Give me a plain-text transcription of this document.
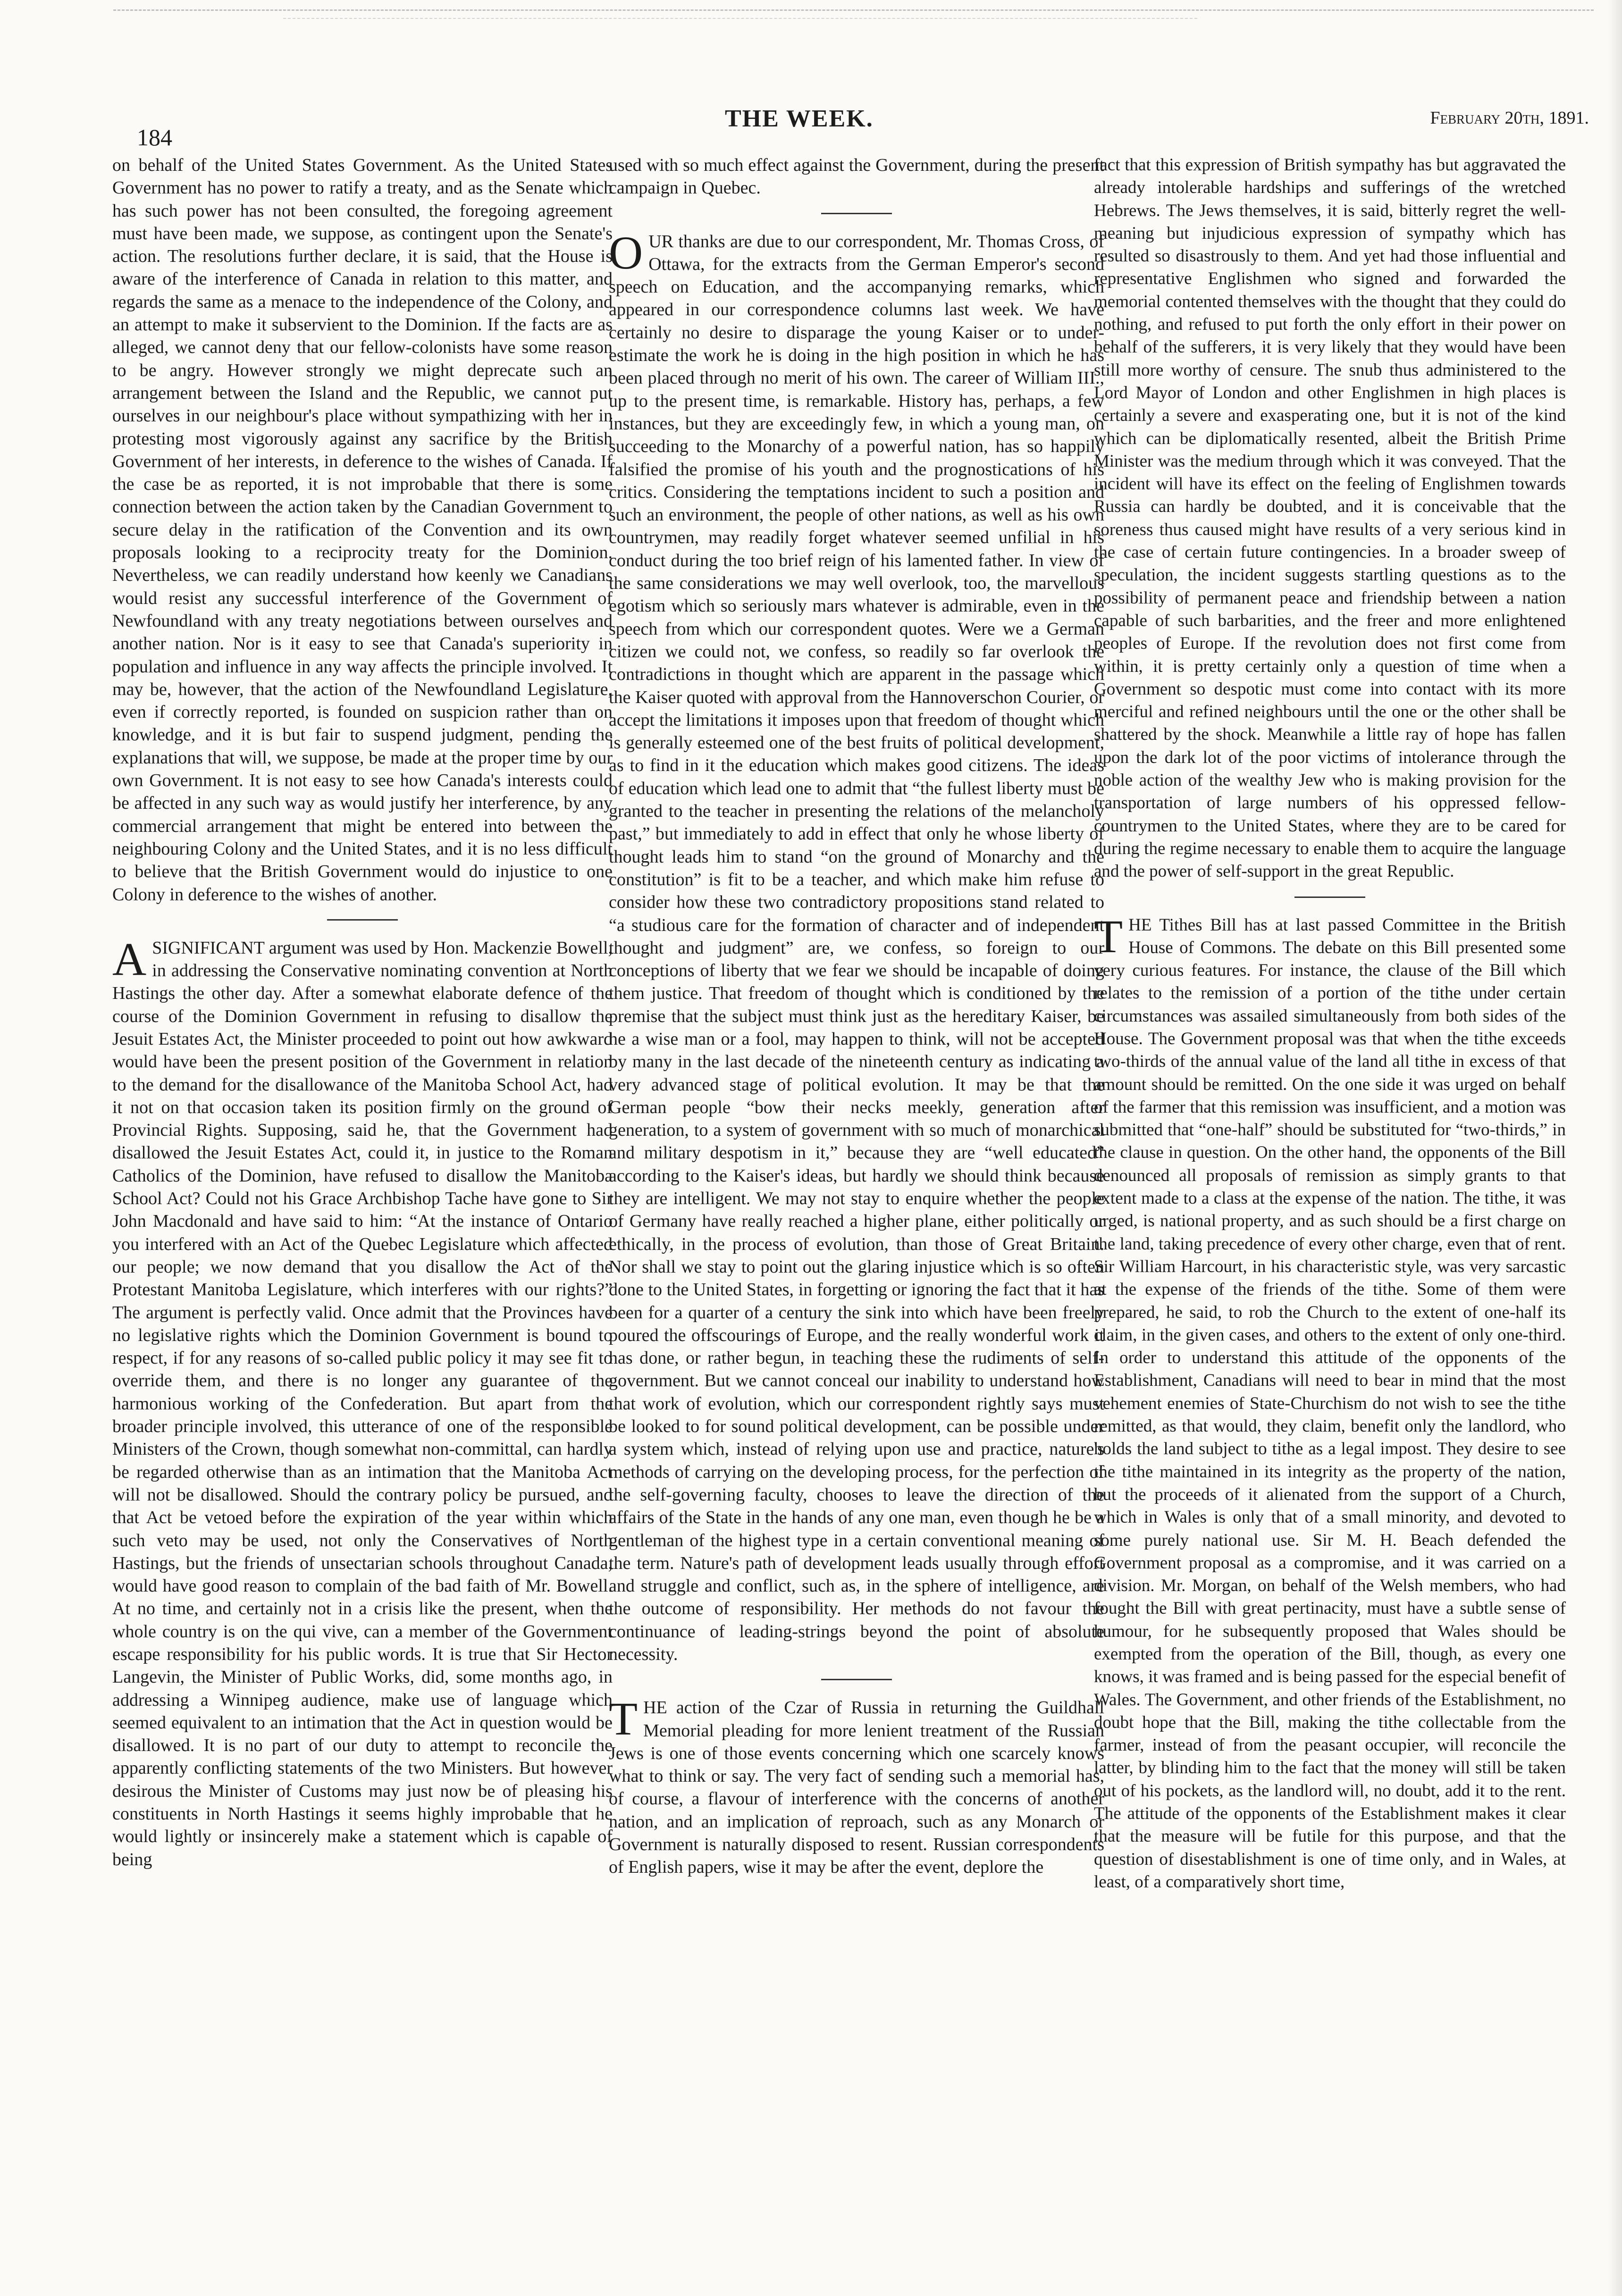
184
THE WEEK.	February 20th, 1891.

on behalf of the United States Government. As the United States Government has no power to ratify a treaty, and as the Senate which has such power has not been consulted, the foregoing agreement must have been made, we suppose, as contingent upon the Senate's action. The resolutions further declare, it is said, that the House is aware of the interference of Canada in relation to this matter, and regards the same as a menace to the independence of the Colony, and an attempt to make it subservient to the Dominion. If the facts are as alleged, we cannot deny that our fellow-colonists have some reason to be angry. However strongly we might deprecate such an arrangement between the Island and the Republic, we cannot put ourselves in our neighbour's place without sympathizing with her in protesting most vigorously against any sacrifice by the British Government of her interests, in deference to the wishes of Canada. If the case be as reported, it is not improbable that there is some connection between the action taken by the Canadian Government to secure delay in the ratification of the Convention and its own proposals looking to a reciprocity treaty for the Dominion. Nevertheless, we can readily understand how keenly we Canadians would resist any successful interference of the Government of Newfoundland with any treaty negotiations between ourselves and another nation. Nor is it easy to see that Canada's superiority in population and influence in any way affects the principle involved. It may be, however, that the action of the Newfoundland Legislature, even if correctly reported, is founded on suspicion rather than on knowledge, and it is but fair to suspend judgment, pending the explanations that will, we suppose, be made at the proper time by our own Government. It is not easy to see how Canada's interests could be affected in any such way as would justify her interference, by any commercial arrangement that might be entered into between the neighbouring Colony and the United States, and it is no less difficult to believe that the British Government would do injustice to one Colony in deference to the wishes of another.

A SIGNIFICANT argument was used by Hon. Mackenzie Bowell, in addressing the Conservative nominating convention at North Hastings the other day. After a somewhat elaborate defence of the course of the Dominion Government in refusing to disallow the Jesuit Estates Act, the Minister proceeded to point out how awkward would have been the present position of the Government in relation to the demand for the disallowance of the Manitoba School Act, had it not on that occasion taken its position firmly on the ground of Provincial Rights. Supposing, said he, that the Government had disallowed the Jesuit Estates Act, could it, in justice to the Roman Catholics of the Dominion, have refused to disallow the Manitoba School Act? Could not his Grace Archbishop Tache have gone to Sir John Macdonald and have said to him: “At the instance of Ontario you interfered with an Act of the Quebec Legislature which affected our people; we now demand that you disallow the Act of the Protestant Manitoba Legislature, which interferes with our rights?” The argument is perfectly valid. Once admit that the Provinces have no legislative rights which the Dominion Government is bound to respect, if for any reasons of so-called public policy it may see fit to override them, and there is no longer any guarantee of the harmonious working of the Confederation. But apart from the broader principle involved, this utterance of one of the responsible Ministers of the Crown, though somewhat non-committal, can hardly be regarded otherwise than as an intimation that the Manitoba Act will not be disallowed. Should the contrary policy be pursued, and that Act be vetoed before the expiration of the year within which such veto may be used, not only the Conservatives of North Hastings, but the friends of unsectarian schools throughout Canada, would have good reason to complain of the bad faith of Mr. Bowell. At no time, and certainly not in a crisis like the present, when the whole country is on the qui vive, can a member of the Government escape responsibility for his public words. It is true that Sir Hector Langevin, the Minister of Public Works, did, some months ago, in addressing a Winnipeg audience, make use of language which seemed equivalent to an intimation that the Act in question would be disallowed. It is no part of our duty to attempt to reconcile the apparently conflicting statements of the two Ministers. But however desirous the Minister of Customs may just now be of pleasing his constituents in North Hastings it seems highly improbable that he would lightly or insincerely make a statement which is capable of being

used with so much effect against the Government, during the present campaign in Quebec.

O UR thanks are due to our correspondent, Mr. Thomas Cross, of Ottawa, for the extracts from the German Emperor's second speech on Education, and the accompanying remarks, which appeared in our correspondence columns last week. We have certainly no desire to disparage the young Kaiser or to under-estimate the work he is doing in the high position in which he has been placed through no merit of his own. The career of William III., up to the present time, is remarkable. History has, perhaps, a few instances, but they are exceedingly few, in which a young man, on succeeding to the Monarchy of a powerful nation, has so happily falsified the promise of his youth and the prognostications of his critics. Considering the temptations incident to such a position and such an environment, the people of other nations, as well as his own countrymen, may readily forget whatever seemed unfilial in his conduct during the too brief reign of his lamented father. In view of the same considerations we may well overlook, too, the marvellous egotism which so seriously mars whatever is admirable, even in the speech from which our correspondent quotes. Were we a German citizen we could not, we confess, so readily so far overlook the contradictions in thought which are apparent in the passage which the Kaiser quoted with approval from the Hannoverschon Courier, or accept the limitations it imposes upon that freedom of thought which is generally esteemed one of the best fruits of political development, as to find in it the education which makes good citizens. The ideas of education which lead one to admit that “the fullest liberty must be granted to the teacher in presenting the relations of the melancholy past,” but immediately to add in effect that only he whose liberty of thought leads him to stand “on the ground of Monarchy and the constitution” is fit to be a teacher, and which make him refuse to consider how these two contradictory propositions stand related to “a studious care for the formation of character and of independent thought and judgment” are, we confess, so foreign to our conceptions of liberty that we fear we should be incapable of doing them justice. That freedom of thought which is conditioned by the premise that the subject must think just as the hereditary Kaiser, be he a wise man or a fool, may happen to think, will not be accepted by many in the last decade of the nineteenth century as indicating a very advanced stage of political evolution. It may be that the German people “bow their necks meekly, generation after generation, to a system of government with so much of monarchical and military despotism in it,” because they are “well educated” according to the Kaiser's ideas, but hardly we should think because they are intelligent. We may not stay to enquire whether the people of Germany have really reached a higher plane, either politically or ethically, in the process of evolution, than those of Great Britain. Nor shall we stay to point out the glaring injustice which is so often done to the United States, in forgetting or ignoring the fact that it has been for a quarter of a century the sink into which have been freely poured the offscourings of Europe, and the really wonderful work it has done, or rather begun, in teaching these the rudiments of self-government. But we cannot conceal our inability to understand how that work of evolution, which our correspondent rightly says must be looked to for sound political development, can be possible under a system which, instead of relying upon use and practice, nature's methods of carrying on the developing process, for the perfection of the self-governing faculty, chooses to leave the direction of the affairs of the State in the hands of any one man, even though he be a gentleman of the highest type in a certain conventional meaning of the term. Nature's path of development leads usually through effort and struggle and conflict, such as, in the sphere of intelligence, are the outcome of responsibility. Her methods do not favour the continuance of leading-strings beyond the point of absolute necessity.

T HE action of the Czar of Russia in returning the Guildhall Memorial pleading for more lenient treatment of the Russian Jews is one of those events concerning which one scarcely knows what to think or say. The very fact of sending such a memorial has, of course, a flavour of interference with the concerns of another nation, and an implication of reproach, such as any Monarch or Government is naturally disposed to resent. Russian correspondents of English papers, wise it may be after the event, deplore the

fact that this expression of British sympathy has but aggravated the already intolerable hardships and sufferings of the wretched Hebrews. The Jews themselves, it is said, bitterly regret the well-meaning but injudicious expression of sympathy which has resulted so disastrously to them. And yet had those influential and representative Englishmen who signed and forwarded the memorial contented themselves with the thought that they could do nothing, and refused to put forth the only effort in their power on behalf of the sufferers, it is very likely that they would have been still more worthy of censure. The snub thus administered to the Lord Mayor of London and other Englishmen in high places is certainly a severe and exasperating one, but it is not of the kind which can be diplomatically resented, albeit the British Prime Minister was the medium through which it was conveyed. That the incident will have its effect on the feeling of Englishmen towards Russia can hardly be doubted, and it is conceivable that the soreness thus caused might have results of a very serious kind in the case of certain future contingencies. In a broader sweep of speculation, the incident suggests startling questions as to the possibility of permanent peace and friendship between a nation capable of such barbarities, and the freer and more enlightened peoples of Europe. If the revolution does not first come from within, it is pretty certainly only a question of time when a Government so despotic must come into contact with its more merciful and refined neighbours until the one or the other shall be shattered by the shock. Meanwhile a little ray of hope has fallen upon the dark lot of the poor victims of intolerance through the noble action of the wealthy Jew who is making provision for the transportation of large numbers of his oppressed fellow-countrymen to the United States, where they are to be cared for during the regime necessary to enable them to acquire the language and the power of self-support in the great Republic.

T HE Tithes Bill has at last passed Committee in the British House of Commons. The debate on this Bill presented some very curious features. For instance, the clause of the Bill which relates to the remission of a portion of the tithe under certain circumstances was assailed simultaneously from both sides of the House. The Government proposal was that when the tithe exceeds two-thirds of the annual value of the land all tithe in excess of that amount should be remitted. On the one side it was urged on behalf of the farmer that this remission was insufficient, and a motion was submitted that “one-half” should be substituted for “two-thirds,” in the clause in question. On the other hand, the opponents of the Bill denounced all proposals of remission as simply grants to that extent made to a class at the expense of the nation. The tithe, it was urged, is national property, and as such should be a first charge on the land, taking precedence of every other charge, even that of rent. Sir William Harcourt, in his characteristic style, was very sarcastic at the expense of the friends of the tithe. Some of them were prepared, he said, to rob the Church to the extent of one-half its claim, in the given cases, and others to the extent of only one-third. In order to understand this attitude of the opponents of the Establishment, Canadians will need to bear in mind that the most vehement enemies of State-Churchism do not wish to see the tithe remitted, as that would, they claim, benefit only the landlord, who holds the land subject to tithe as a legal impost. They desire to see the tithe maintained in its integrity as the property of the nation, but the proceeds of it alienated from the support of a Church, which in Wales is only that of a small minority, and devoted to some purely national use. Sir M. H. Beach defended the Government proposal as a compromise, and it was carried on a division. Mr. Morgan, on behalf of the Welsh members, who had fought the Bill with great pertinacity, must have a subtle sense of humour, for he subsequently proposed that Wales should be exempted from the operation of the Bill, though, as every one knows, it was framed and is being passed for the especial benefit of Wales. The Government, and other friends of the Establishment, no doubt hope that the Bill, making the tithe collectable from the farmer, instead of from the peasant occupier, will reconcile the latter, by blinding him to the fact that the money will still be taken out of his pockets, as the landlord will, no doubt, add it to the rent. The attitude of the opponents of the Establishment makes it clear that the measure will be futile for this purpose, and that the question of disestablishment is one of time only, and in Wales, at least, of a comparatively short time,
